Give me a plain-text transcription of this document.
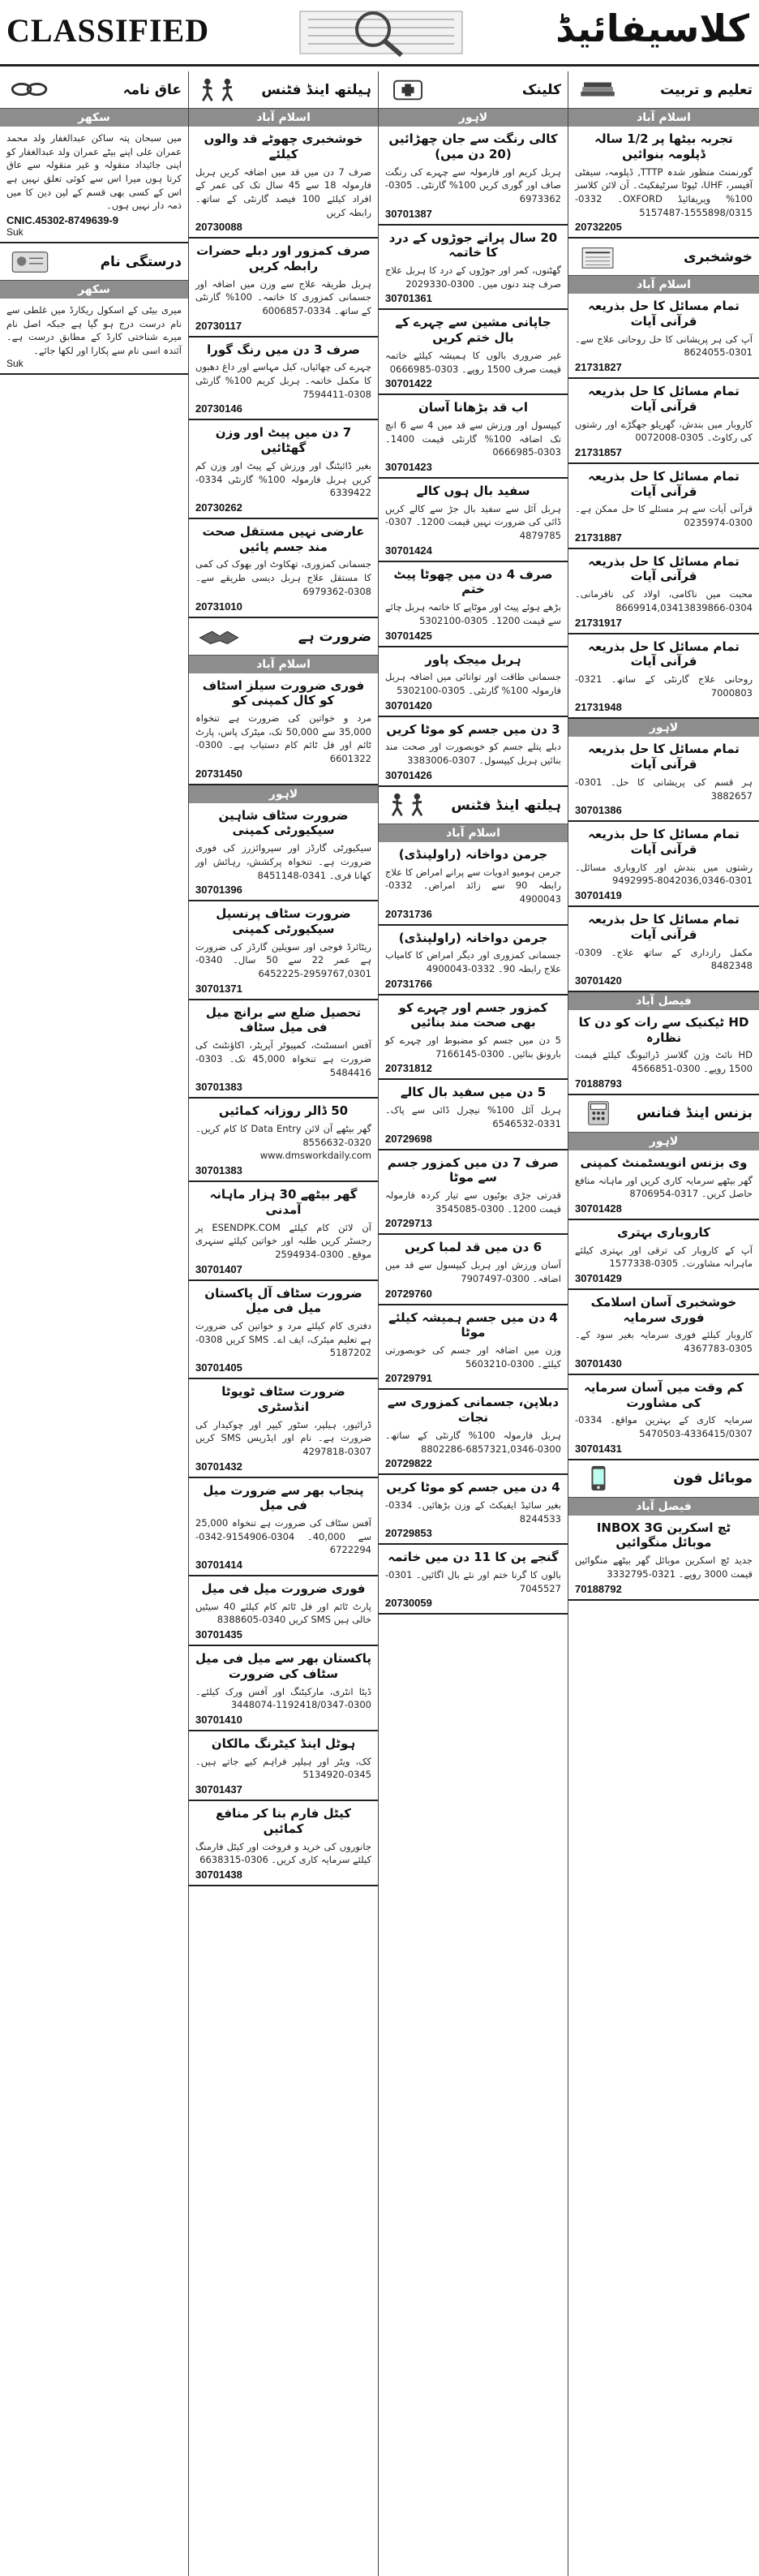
CLASSIFIED	کلاسیفائیڈ
عاق نامہ
سکھر
میں سبحان پتہ ساکن عبدالغفار ولد محمد عمران علی اپنے بیٹے عمران ولد عبدالغفار کو اپنی جائیداد منقولہ و غیر منقولہ سے عاق کرتا ہوں میرا اس سے کوئی تعلق نہیں ہے اس کے کسی بھی قسم کے لین دین کا میں ذمہ دار نہیں ہوں۔
CNIC.45302-8749639-9
Suk
درستگی نام
سکھر
میری بیٹی کے اسکول ریکارڈ میں غلطی سے نام درست درج ہو گیا ہے جبکہ اصل نام میرے شناختی کارڈ کے مطابق درست ہے۔ آئندہ اسی نام سے پکارا اور لکھا جائے۔
Suk
ہیلتھ اینڈ فٹنس
اسلام آباد
خوشخبری چھوٹے قد والوں کیلئے
صرف 7 دن میں قد میں اضافہ کریں ہربل فارمولہ 18 سے 45 سال تک کی عمر کے افراد کیلئے 100 فیصد گارنٹی کے ساتھ۔ رابطہ کریں
20730088
صرف کمزور اور دبلے حضرات رابطہ کریں
ہربل طریقہ علاج سے وزن میں اضافہ اور جسمانی کمزوری کا خاتمہ۔ 100% گارنٹی کے ساتھ۔ 0334-6006857
20730117
صرف 3 دن میں رنگ گورا
چہرے کی چھائیاں، کیل مہاسے اور داغ دھبوں کا مکمل خاتمہ۔ ہربل کریم 100% گارنٹی 0308-7594411
20730146
7 دن میں پیٹ اور وزن گھٹائیں
بغیر ڈائیٹنگ اور ورزش کے پیٹ اور وزن کم کریں ہربل فارمولہ 100% گارنٹی 0334-6339422
20730262
عارضی نہیں مستقل صحت مند جسم پائیں
جسمانی کمزوری، تھکاوٹ اور بھوک کی کمی کا مستقل علاج ہربل دیسی طریقے سے۔ 0308-6979362
20731010
ضرورت ہے
اسلام آباد
فوری ضرورت سیلز اسٹاف کو کال کمپنی کو
مرد و خواتین کی ضرورت ہے تنخواہ 35,000 سے 50,000 تک، میٹرک پاس، پارٹ ٹائم اور فل ٹائم کام دستیاب ہے۔ 0300-6601322
20731450
لاہور
ضرورت سٹاف شاہین سیکیورٹی کمپنی
سیکیورٹی گارڈز اور سپروائزرز کی فوری ضرورت ہے۔ تنخواہ پرکشش، رہائش اور کھانا فری۔ 0341-8451148
30701396
ضرورت سٹاف پرنسپل سیکیورٹی کمپنی
ریٹائرڈ فوجی اور سویلین گارڈز کی ضرورت ہے عمر 22 سے 50 سال۔ 0340-2959767,0301-6452225
30701371
تحصیل ضلع سے برانچ میل فی میل سٹاف
آفس اسسٹنٹ، کمپیوٹر آپریٹر، اکاؤنٹنٹ کی ضرورت ہے تنخواہ 45,000 تک۔ 0303-5484416
30701383
50 ڈالر روزانہ کمائیں
گھر بیٹھے آن لائن Data Entry کا کام کریں۔ 0320-8556632 www.dmsworkdaily.com
30701383
گھر بیٹھے 30 ہزار ماہانہ آمدنی
آن لائن کام کیلئے ESENDPK.COM پر رجسٹر کریں طلبہ اور خواتین کیلئے سنہری موقع۔ 0300-2594934
30701407
ضرورت سٹاف آل پاکستان میل فی میل
دفتری کام کیلئے مرد و خواتین کی ضرورت ہے تعلیم میٹرک، ایف اے۔ SMS کریں 0308-5187202
30701405
ضرورت سٹاف ٹویوٹا انڈسٹری
ڈرائیور، ہیلپر، سٹور کیپر اور چوکیدار کی ضرورت ہے۔ نام اور ایڈریس SMS کریں 0307-4297818
30701432
پنجاب بھر سے ضرورت میل فی میل
آفس سٹاف کی ضرورت ہے تنخواہ 25,000 سے 40,000۔ 0304-9154906-0342-6722294
30701414
فوری ضرورت میل فی میل
پارٹ ٹائم اور فل ٹائم کام کیلئے 40 سیٹیں خالی ہیں SMS کریں 0340-8388605
30701435
پاکستان بھر سے میل فی میل سٹاف کی ضرورت
ڈیٹا انٹری، مارکیٹنگ اور آفس ورک کیلئے۔ 0300-1192418/0347-3448074
30701410
ہوٹل اینڈ کیٹرنگ مالکان
کک، ویٹر اور ہیلپر فراہم کیے جاتے ہیں۔ 0345-5134920
30701437
کیٹل فارم بنا کر منافع کمائیں
جانوروں کی خرید و فروخت اور کیٹل فارمنگ کیلئے سرمایہ کاری کریں۔ 0306-6638315
30701438
کلینک
لاہور
کالی رنگت سے جان چھڑائیں (20 دن میں)
ہربل کریم اور فارمولہ سے چہرے کی رنگت صاف اور گوری کریں 100% گارنٹی۔ 0305-6973362
30701387
20 سال پرانے جوڑوں کے درد کا خاتمہ
گھٹنوں، کمر اور جوڑوں کے درد کا ہربل علاج صرف چند دنوں میں۔ 0300-2029330
30701361
جاپانی مشین سے چہرے کے بال ختم کریں
غیر ضروری بالوں کا ہمیشہ کیلئے خاتمہ قیمت صرف 1500 روپے۔ 0303-0666985
30701422
اب قد بڑھانا آسان
کیپسول اور ورزش سے قد میں 4 سے 6 انچ تک اضافہ 100% گارنٹی قیمت 1400۔ 0303-0666985
30701423
سفید بال ہوں کالے
ہربل آئل سے سفید بال جڑ سے کالے کریں ڈائی کی ضرورت نہیں قیمت 1200۔ 0307-4879785
30701424
صرف 4 دن میں چھوٹا پیٹ ختم
بڑھے ہوئے پیٹ اور موٹاپے کا خاتمہ ہربل چائے سے قیمت 1200۔ 0305-5302100
30701425
ہربل میجک پاور
جسمانی طاقت اور توانائی میں اضافہ ہربل فارمولہ 100% گارنٹی۔ 0305-5302100
30701420
3 دن میں جسم کو موٹا کریں
دبلے پتلے جسم کو خوبصورت اور صحت مند بنائیں ہربل کیپسول۔ 0307-3383006
30701426
ہیلتھ اینڈ فٹنس
اسلام آباد
جرمن دواخانہ (راولپنڈی)
جرمن ہومیو ادویات سے پرانے امراض کا علاج رابطہ 90 سے زائد امراض۔ 0332-4900043
20731736
جرمن دواخانہ (راولپنڈی)
جسمانی کمزوری اور دیگر امراض کا کامیاب علاج رابطہ 90۔ 0332-4900043
20731766
کمزور جسم اور چہرے کو بھی صحت مند بنائیں
5 دن میں جسم کو مضبوط اور چہرے کو بارونق بنائیں۔ 0300-7166145
20731812
5 دن میں سفید بال کالے
ہربل آئل 100% نیچرل ڈائی سے پاک۔ 0331-6546532
20729698
صرف 7 دن میں کمزور جسم سے موٹا
قدرتی جڑی بوٹیوں سے تیار کردہ فارمولہ قیمت 1200۔ 0300-3545085
20729713
6 دن میں قد لمبا کریں
آسان ورزش اور ہربل کیپسول سے قد میں اضافہ۔ 0300-7907497
20729760
4 دن میں جسم ہمیشہ کیلئے موٹا
وزن میں اضافہ اور جسم کی خوبصورتی کیلئے۔ 0300-5603210
20729791
دبلاپن، جسمانی کمزوری سے نجات
ہربل فارمولہ 100% گارنٹی کے ساتھ۔ 0300-6857321,0346-8802286
20729822
4 دن میں جسم کو موٹا کریں
بغیر سائیڈ ایفیکٹ کے وزن بڑھائیں۔ 0334-8244533
20729853
گنجے پن کا 11 دن میں خاتمہ
بالوں کا گرنا ختم اور نئے بال اگائیں۔ 0301-7045527
20730059
تعلیم و تربیت
اسلام آباد
تجربہ بیٹھا پر 1/2 سالہ ڈپلومہ بنوائیں
گورنمنٹ منظور شدہ TTTP, ڈپلومہ، سیفٹی آفیسر، UHF، ٹیوٹا سرٹیفکیٹ۔ آن لائن کلاسز 100% ویریفائیڈ OXFORD۔ 0332-1555898/0315-5157487
20732205
خوشخبری
اسلام آباد
تمام مسائل کا حل بذریعہ قرآنی آیات
آپ کی ہر پریشانی کا حل روحانی علاج سے۔ 0301-8624055
21731827
تمام مسائل کا حل بذریعہ قرآنی آیات
کاروبار میں بندش، گھریلو جھگڑے اور رشتوں کی رکاوٹ۔ 0305-0072008
21731857
تمام مسائل کا حل بذریعہ قرآنی آیات
قرآنی آیات سے ہر مسئلے کا حل ممکن ہے۔ 0300-0235974
21731887
تمام مسائل کا حل بذریعہ قرآنی آیات
محبت میں ناکامی، اولاد کی نافرمانی۔ 0304-8669914,03413839866
21731917
تمام مسائل کا حل بذریعہ قرآنی آیات
روحانی علاج گارنٹی کے ساتھ۔ 0321-7000803
21731948
لاہور
تمام مسائل کا حل بذریعہ قرآنی آیات
ہر قسم کی پریشانی کا حل۔ 0301-3882657
30701386
تمام مسائل کا حل بذریعہ قرآنی آیات
رشتوں میں بندش اور کاروباری مسائل۔ 0301-8042036,0346-9492995
30701419
تمام مسائل کا حل بذریعہ قرآنی آیات
مکمل رازداری کے ساتھ علاج۔ 0309-8482348
30701420
فیصل آباد
HD ٹیکنیک سے رات کو دن کا نظارہ
HD نائٹ وژن گلاسز ڈرائیونگ کیلئے قیمت 1500 روپے۔ 0300-4566851
70188793
بزنس اینڈ فنانس
لاہور
وی بزنس انویسٹمنٹ کمپنی
گھر بیٹھے سرمایہ کاری کریں اور ماہانہ منافع حاصل کریں۔ 0317-8706954
30701428
کاروباری بہتری
آپ کے کاروبار کی ترقی اور بہتری کیلئے ماہرانہ مشاورت۔ 0305-1577338
30701429
خوشخبری آسان اسلامک فوری سرمایہ
کاروبار کیلئے فوری سرمایہ بغیر سود کے۔ 0305-4367783
30701430
کم وقت میں آسان سرمایہ کی مشاورت
سرمایہ کاری کے بہترین مواقع۔ 0334-4336415/0307-5470503
30701431
موبائل فون
فیصل آباد
ٹچ اسکرین INBOX 3G موبائل منگوائیں
جدید ٹچ اسکرین موبائل گھر بیٹھے منگوائیں قیمت 3000 روپے۔ 0321-3332795
70188792
